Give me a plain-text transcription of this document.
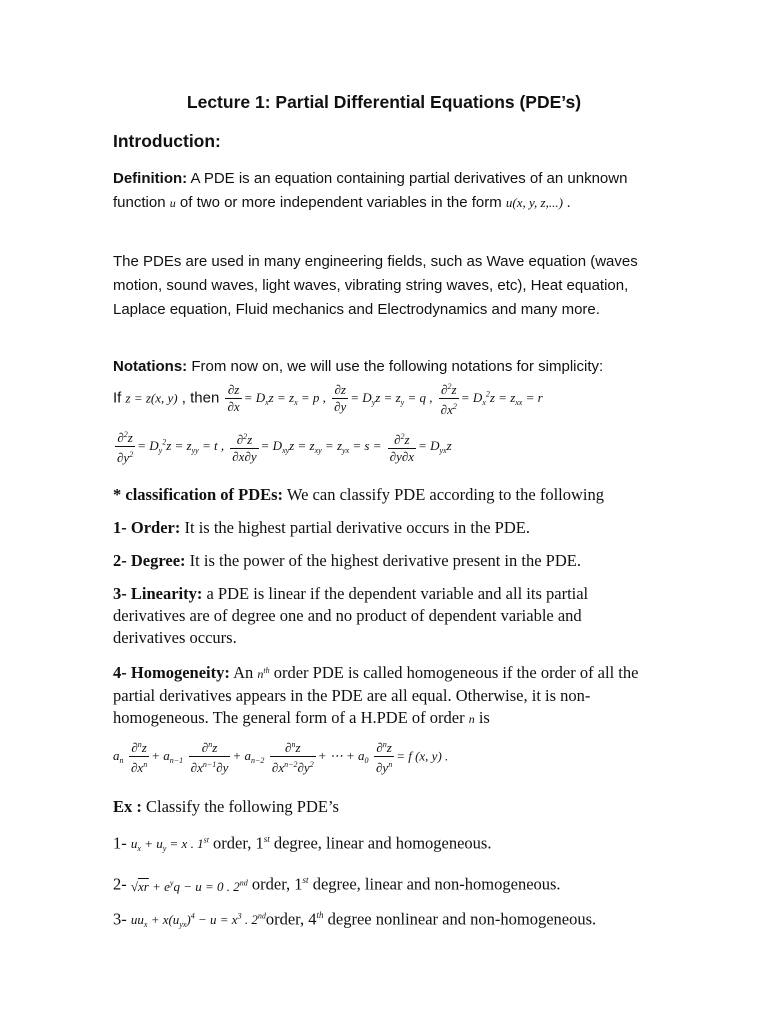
Lecture 1: Partial Differential Equations (PDE’s)
Introduction:
Definition: A PDE is an equation containing partial derivatives of an unknown function u of two or more independent variables in the form u(x, y, z,...) .
The PDEs are used in many engineering fields, such as Wave equation (waves motion, sound waves, light waves, vibrating string waves, etc), Heat equation, Laplace equation, Fluid mechanics and Electrodynamics and many more.
Notations: From now on, we will use the following notations for simplicity:
If z = z(x, y) , then $\frac{\partial z}{\partial x} = D_xz = z_x = p$ , $\frac{\partial z}{\partial y} = D_yz = z_y = q$ , $\frac{\partial^2z}{\partial x^2} = D_x^2z = z_{xx} = r$
$\frac{\partial^2z}{\partial y^2} = D_y^2z = z_{yy} = t$ , $\frac{\partial^2z}{\partial x\partial y} = D_{xy}z = z_{xy} = z_{yx} = s = \frac{\partial^2z}{\partial y\partial x} = D_{yx}z$
* classification of PDEs: We can classify PDE according to the following
1- Order: It is the highest partial derivative occurs in the PDE.
2- Degree: It is the power of the highest derivative present in the PDE.
3- Linearity: a PDE is linear if the dependent variable and all its partial derivatives are of degree one and no product of dependent variable and derivatives occurs.
4- Homogeneity: An $n^{th}$ order PDE is called homogeneous if the order of all the partial derivatives appears in the PDE are all equal. Otherwise, it is non-homogeneous. The general form of a H.PDE of order n is
$a_n \frac{\partial^nz}{\partial x^n} + a_{n-1} \frac{\partial^nz}{\partial x^{n-1}\partial y} + a_{n-2} \frac{\partial^nz}{\partial x^{n-2}\partial y^2}$ + ⋯ + $a_0 \frac{\partial^nz}{\partial y^n} = f$ (x, y) .
Ex : Classify the following PDE’s
1- $u_x + u_y = x$ . 1st order, 1st degree, linear and homogeneous.
2- $√xr + e^yq - u = 0$ . 2nd order, 1st degree, linear and non-homogeneous.
3- $uu_x + x(u_{yx})^4 - u = x^3$ . 2ndorder, 4th degree nonlinear and non-homogeneous.
